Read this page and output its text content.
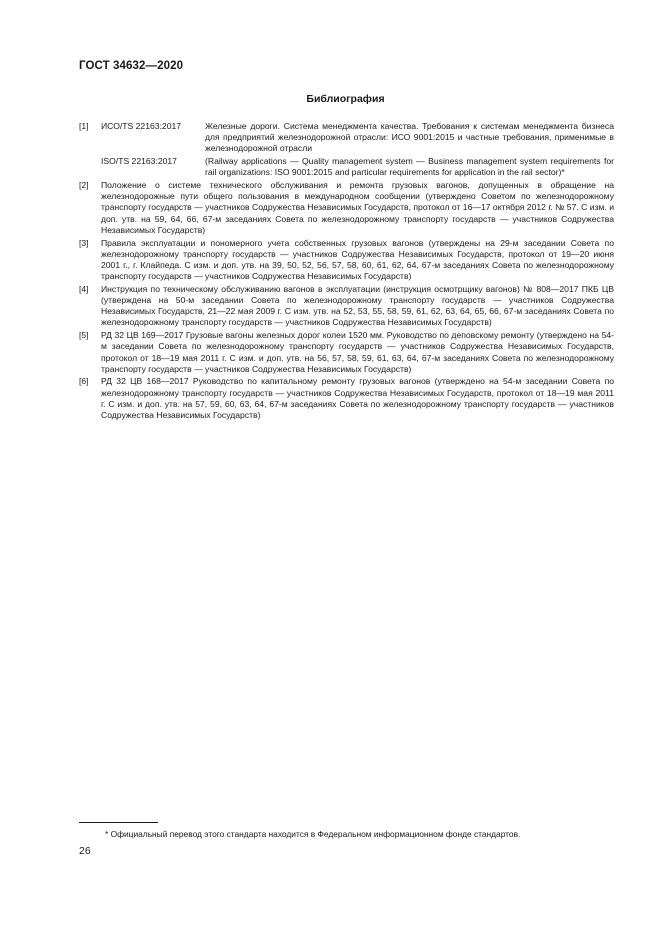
ГОСТ 34632—2020
Библиография
[1] ИСО/TS 22163:2017	Железные дороги. Система менеджмента качества. Требования к системам менеджмента бизнеса для предприятий железнодорожной отрасли: ИСО 9001:2015 и частные требования, применимые в железнодорожной отрасли
ISO/TS 22163:2017	(Railway applications — Quality management system — Business management system requirements for rail organizations: ISO 9001:2015 and particular requirements for application in the rail sector)*
[2] Положение о системе технического обслуживания и ремонта грузовых вагонов, допущенных в обращение на железнодорожные пути общего пользования в международном сообщении (утверждено Советом по железнодорожному транспорту государств — участников Содружества Независимых Государств, протокол от 16—17 октября 2012 г. № 57. С изм. и доп. утв. на 59, 64, 66, 67-м заседаниях Совета по железнодорожному транспорту государств — участников Содружества Независимых Государств)
[3] Правила эксплуатации и пономерного учета собственных грузовых вагонов (утверждены на 29-м заседании Совета по железнодорожному транспорту государств — участников Содружества Независимых Государств, протокол от 19—20 июня 2001 г., г. Клайпеда. С изм. и доп. утв. на 39, 50, 52, 56, 57, 58, 60, 61, 62, 64, 67-м заседаниях Совета по железнодорожному транспорту государств — участников Содружества Независимых Государств)
[4] Инструкция по техническому обслуживанию вагонов в эксплуатации (инструкция осмотрщику вагонов) № 808—2017 ПКБ ЦВ (утверждена на 50-м заседании Совета по железнодорожному транспорту государств — участников Содружества Независимых Государств, 21—22 мая 2009 г. С изм. утв. на 52, 53, 55, 58, 59, 61, 62, 63, 64, 65, 66, 67-м заседаниях Совета по железнодорожному транспорту государств — участников Содружества Независимых Государств)
[5] РД 32 ЦВ 169—2017 Грузовые вагоны железных дорог колеи 1520 мм. Руководство по деповскому ремонту (утверждено на 54-м заседании Совета по железнодорожному транспорту государств — участников Содружества Независимых Государств, протокол от 18—19 мая 2011 г. С изм. и доп. утв. на 56, 57, 58, 59, 61, 63, 64, 67-м заседаниях Совета по железнодорожному транспорту государств — участников Содружества Независимых Государств)
[6] РД 32 ЦВ 168—2017 Руководство по капитальному ремонту грузовых вагонов (утверждено на 54-м заседании Совета по железнодорожному транспорту государств — участников Содружества Независимых Государств, протокол от 18—19 мая 2011 г. С изм. и доп. утв. на 57, 59, 60, 63, 64, 67-м заседаниях Совета по железнодорожному транспорту государств — участников Содружества Независимых Государств)
* Официальный перевод этого стандарта находится в Федеральном информационном фонде стандартов.
26
